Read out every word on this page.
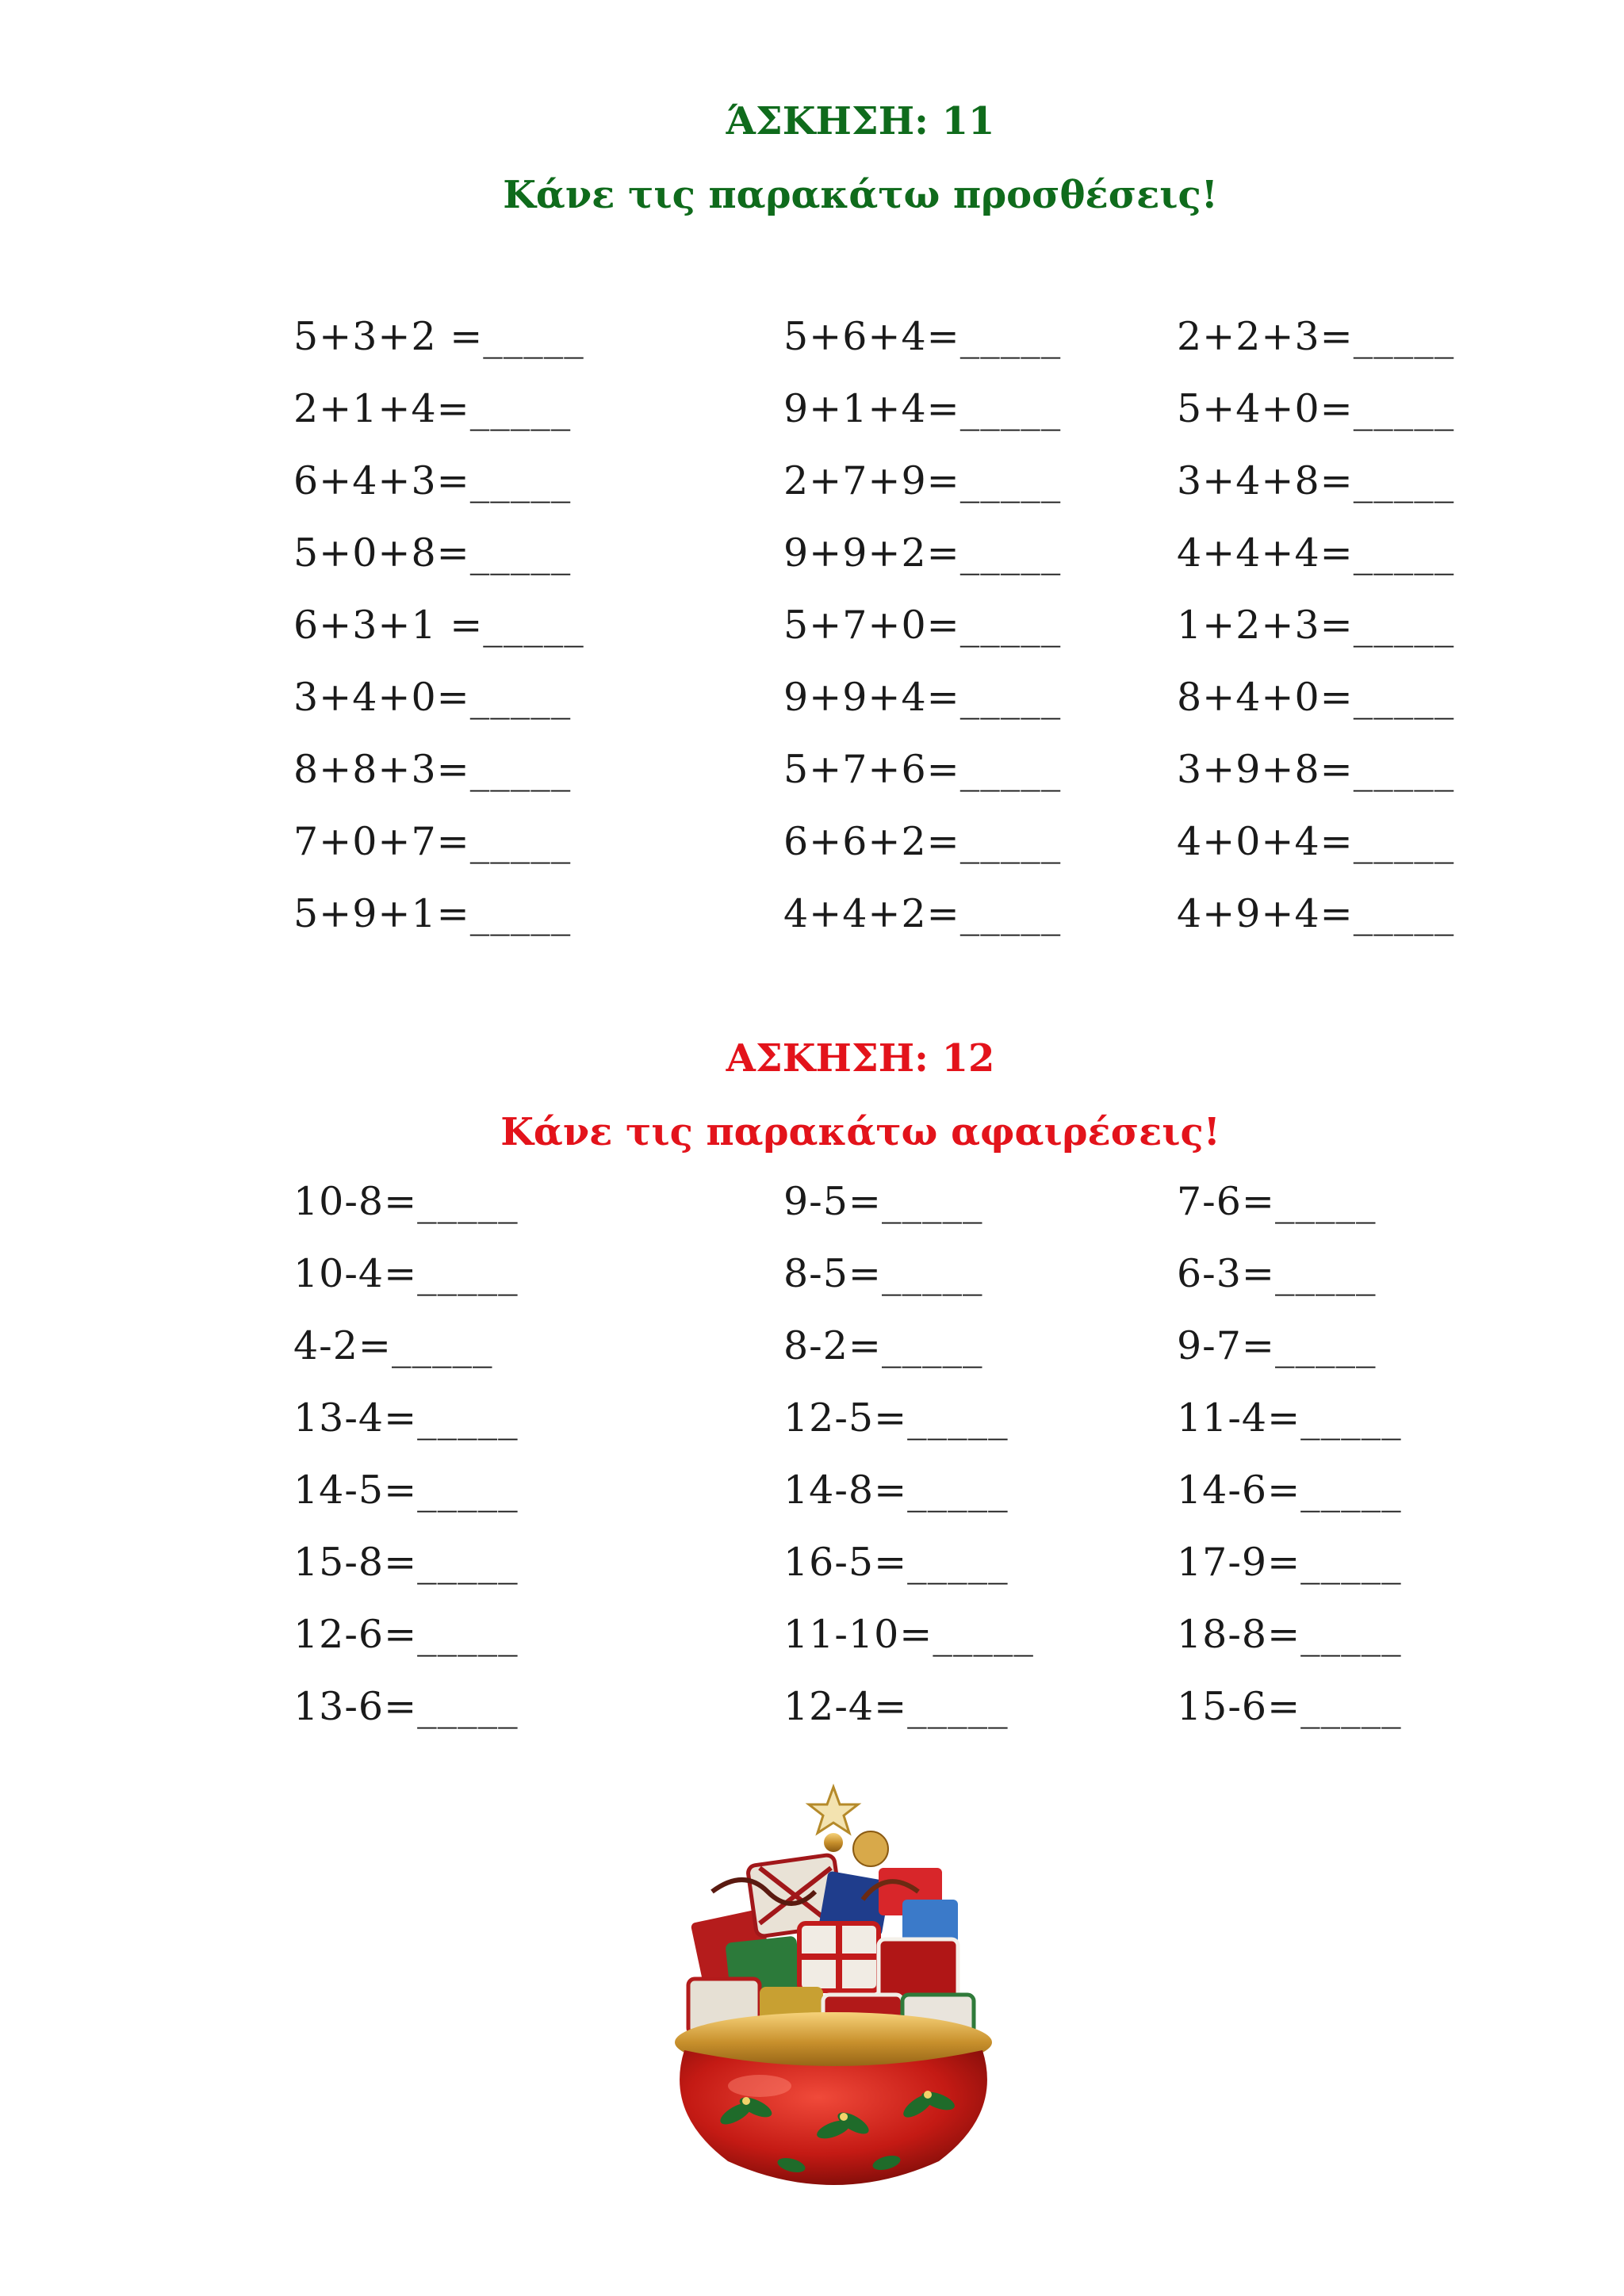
ΆΣΚΗΣΗ: 11
Κάνε τις παρακάτω προσθέσεις!
5+3+2 =_____
2+1+4=_____
6+4+3=_____
5+0+8=_____
6+3+1 =_____
3+4+0=_____
8+8+3=_____
7+0+7=_____
5+9+1=_____
5+6+4=_____
9+1+4=_____
2+7+9=_____
9+9+2=_____
5+7+0=_____
9+9+4=_____
5+7+6=_____
6+6+2=_____
4+4+2=_____
2+2+3=_____
5+4+0=_____
3+4+8=_____
4+4+4=_____
1+2+3=_____
8+4+0=_____
3+9+8=_____
4+0+4=_____
4+9+4=_____
ΑΣΚΗΣΗ: 12
Κάνε τις παρακάτω αφαιρέσεις!
10-8=_____
10-4=_____
4-2=_____
13-4=_____
14-5=_____
15-8=_____
12-6=_____
13-6=_____
9-5=_____
8-5=_____
8-2=_____
12-5=_____
14-8=_____
16-5=_____
11-10=_____
12-4=_____
7-6=_____
6-3=_____
9-7=_____
11-4=_____
14-6=_____
17-9=_____
18-8=_____
15-6=_____
